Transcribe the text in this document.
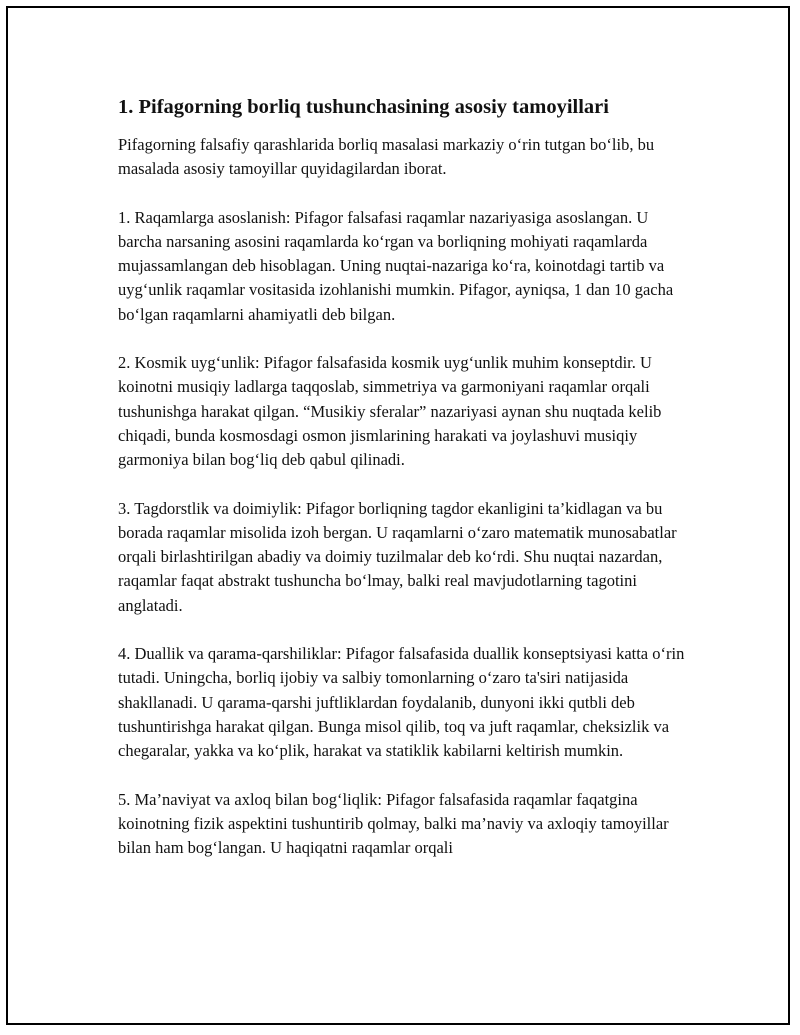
1. Pifagorning borliq tushunchasining asosiy tamoyillari

Pifagorning falsafiy qarashlarida borliq masalasi markaziy o‘rin tutgan bo‘lib, bu masalada asosiy tamoyillar quyidagilardan iborat.

1. Raqamlarga asoslanish: Pifagor falsafasi raqamlar nazariyasiga asoslangan. U barcha narsaning asosini raqamlarda ko‘rgan va borliqning mohiyati raqamlarda mujassamlangan deb hisoblagan. Uning nuqtai-nazariga ko‘ra, koinotdagi tartib va uyg‘unlik raqamlar vositasida izohlanishi mumkin. Pifagor, ayniqsa, 1 dan 10 gacha bo‘lgan raqamlarni ahamiyatli deb bilgan.

2. Kosmik uyg‘unlik: Pifagor falsafasida kosmik uyg‘unlik muhim konseptdir. U koinotni musiqiy ladlarga taqqoslab, simmetriya va garmoniyani raqamlar orqali tushunishga harakat qilgan. “Musikiy sferalar” nazariyasi aynan shu nuqtada kelib chiqadi, bunda kosmosdagi osmon jismlarining harakati va joylashuvi musiqiy garmoniya bilan bog‘liq deb qabul qilinadi.

3. Tagdorstlik va doimiylik: Pifagor borliqning tagdor ekanligini ta’kidlagan va bu borada raqamlar misolida izoh bergan. U raqamlarni o‘zaro matematik munosabatlar orqali birlashtirilgan abadiy va doimiy tuzilmalar deb ko‘rdi. Shu nuqtai nazardan, raqamlar faqat abstrakt tushuncha bo‘lmay, balki real mavjudotlarning tagotini anglatadi.

4. Duallik va qarama-qarshiliklar: Pifagor falsafasida duallik konseptsiyasi katta o‘rin tutadi. Uningcha, borliq ijobiy va salbiy tomonlarning o‘zaro ta'siri natijasida shakllanadi. U qarama-qarshi juftliklardan foydalanib, dunyoni ikki qutbli deb tushuntirishga harakat qilgan. Bunga misol qilib, toq va juft raqamlar, cheksizlik va chegaralar, yakka va ko‘plik, harakat va statiklik kabilarni keltirish mumkin.

5. Ma’naviyat va axloq bilan bog‘liqlik: Pifagor falsafasida raqamlar faqatgina koinotning fizik aspektini tushuntirib qolmay, balki ma’naviy va axloqiy tamoyillar bilan ham bog‘langan. U haqiqatni raqamlar orqali
